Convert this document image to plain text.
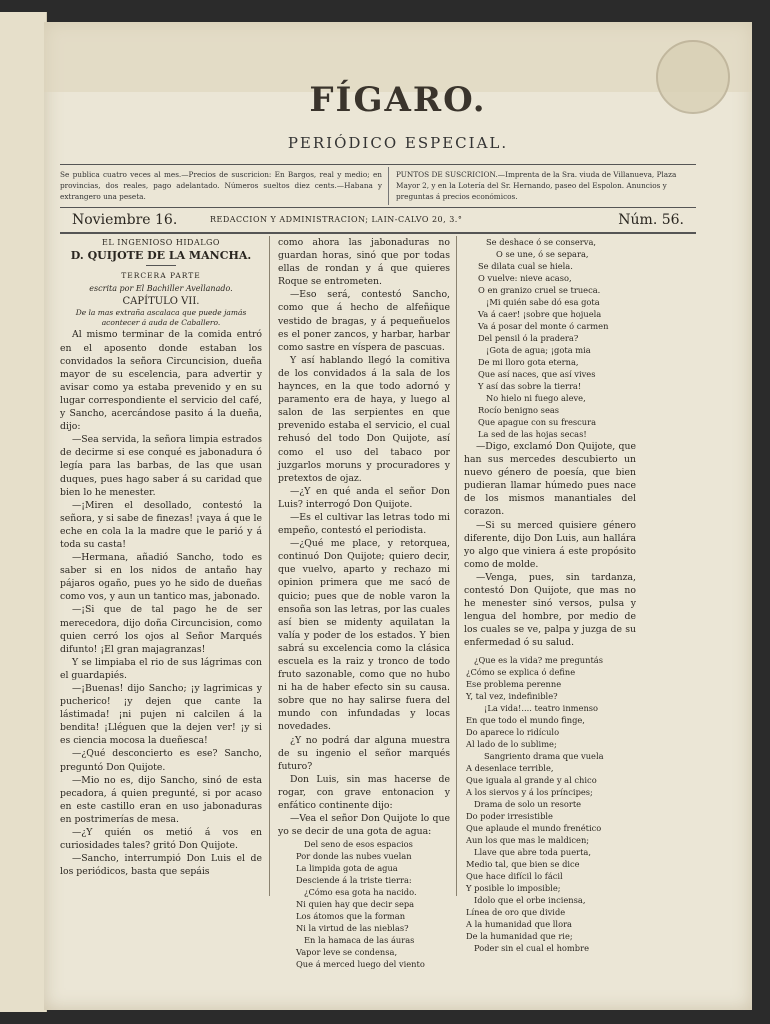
FÍGARO.
PERIÓDICO ESPECIAL.
Se publica cuatro veces al mes.—Precios de suscricion: En Bargos, real y medio; en provincias, dos reales, pago adelantado. Números sueltos diez cents.—Habana y extrangero una peseta.
PUNTOS DE SUSCRICION.—Imprenta de la Sra. viuda de Villanueva, Plaza Mayor 2, y en la Lotería del Sr. Hernando, paseo del Espolon. Anuncios y preguntas á precios económicos.
Noviembre 16.	REDACCION Y ADMINISTRACION; LAIN-CALVO 20, 3.°	Núm. 56.

EL INGENIOSO HIDALGO

D. QUIJOTE DE LA MANCHA.

TERCERA PARTE

escrita por El Bachiller Avellanado.

CAPÍTULO VII.

De la mas extraña ascalaca que puede jamás acontecer á auda de Caballero.

Al mismo terminar de la comida entró en el aposento donde estaban los convidados la señora Circuncision, dueña mayor de su escelencia, para advertir y avisar como ya estaba prevenido y en su lugar correspondiente el servicio del café, y Sancho, acercándose pasito á la dueña, dijo:

—Sea servida, la señora limpia estrados de decirme si ese conqué es jabonadura ó legía para las barbas, de las que usan duques, pues hago saber á su caridad que bien lo he menester.

—¡Miren el desollado, contestó la señora, y si sabe de finezas! ¡vaya á que le eche en cola la la madre que le parió y á toda su casta!

—Hermana, añadió Sancho, todo es saber si en los nidos de antaño hay pájaros ogaño, pues yo he sido de dueñas como vos, y aun un tantico mas, jabonado.

—¡Si que de tal pago he de ser merecedora, dijo doña Circuncision, como quien cerró los ojos al Señor Marqués difunto! ¡El gran majagranzas!

Y se limpiaba el rio de sus lágrimas con el guardapiés.

—¡Buenas! dijo Sancho; ¡y lagrimicas y pucherico! ¡y dejen que cante la lástimada! ¡ni pujen ni calcilen á la bendita! ¡Lléguen que la dejen ver! ¡y si es ciencia mocosa la dueñesca!

—¿Qué desconcierto es ese? Sancho, preguntó Don Quijote.

—Mio no es, dijo Sancho, sinó de esta pecadora, á quien pregunté, si por acaso en este castillo eran en uso jabonaduras en postrimerías de mesa.

—¿Y quién os metió á vos en curiosidades tales? gritó Don Quijote.

—Sancho, interrumpió Don Luis el de los periódicos, basta que sepáis

como ahora las jabonaduras no guardan horas, sinó que por todas ellas de rondan y á que quieres Roque se entrometen.

—Eso será, contestó Sancho, como que á hecho de alfeñique vestido de bragas, y á pequeñuelos es el poner zancos, y harbar, harbar como sastre en víspera de pascuas.

Y así hablando llegó la comitiva de los convidados á la sala de los haynces, en la que todo adornó y paramento era de haya, y luego al salon de las serpientes en que prevenido estaba el servicio, el cual rehusó del todo Don Quijote, así como el uso del tabaco por juzgarlos moruns y procuradores y pretextos de ojaz.

—¿Y en qué anda el señor Don Luis? interrogó Don Quijote.

—Es el cultivar las letras todo mi empeño, contestó el periodista.

—¿Qué me place, y retorquea, continuó Don Quijote; quiero decir, que vuelvo, aparto y rechazo mi opinion primera que me sacó de quicio; pues que de noble varon la ensoña son las letras, por las cuales así bien se midenty aquilatan la valía y poder de los estados. Y bien sabrá su excelencia como la clásica escuela es la raiz y tronco de todo fruto sazonable, como que no hubo ni ha de haber efecto sin su causa. sobre que no hay salirse fuera del mundo con infundadas y locas novedades.

¿Y no podrá dar alguna muestra de su ingenio el señor marqués futuro?

Don Luis, sin mas hacerse de rogar, con grave entonacion y enfático continente dijo:

—Vea el señor Don Quijote lo que yo se decir de una gota de agua:

Del seno de esos espacios

Por donde las nubes vuelan

La limpida gota de agua

Desciende á la triste tierra:

¿Cómo esa gota ha nacido.

Ni quien hay que decir sepa

Los átomos que la forman

Ni la virtud de las nieblas?

En la hamaca de las áuras

Vapor leve se condensa,

Que á merced luego del viento

Se deshace ó se conserva,

O se une, ó se separa,

Se dilata cual se hiela.

O vuelve: nieve acaso,

O en granizo cruel se trueca.

¡Mi quién sabe dó esa gota

Va á caer! ¡sobre que hojuela

Va á posar del monte ó carmen

Del pensil ó la pradera?

¡Gota de agua; ¡gota mia

De mi lloro gota eterna,

Que así naces, que así vives

Y así das sobre la tierra!

No hielo ni fuego aleve,

Rocío benigno seas

Que apague con su frescura

La sed de las hojas secas!

—Digo, exclamó Don Quijote, que han sus mercedes descubierto un nuevo género de poesía, que bien pudieran llamar húmedo pues nace de los mismos manantiales del corazon.

—Si su merced quisiere género diferente, dijo Don Luis, aun hallára yo algo que viniera á este propósito como de molde.

—Venga, pues, sin tardanza, contestó Don Quijote, que mas no he menester sinó versos, pulsa y lengua del hombre, por medio de los cuales se ve, palpa y juzga de su enfermedad ó su salud.

¿Que es la vida? me preguntás

¿Cómo se explica ó define

Ese problema perenne

Y, tal vez, indefinible?

¡La vida!.... teatro inmenso

En que todo el mundo finge,

Do aparece lo ridículo

Al lado de lo sublime;

Sangriento drama que vuela

A desenlace terrible,

Que iguala al grande y al chico

A los siervos y á los príncipes;

Drama de solo un resorte

Do poder irresistible

Que aplaude el mundo frenético

Aun los que mas le maldicen;

Llave que abre toda puerta,

Medio tal, que bien se dice

Que hace difícil lo fácil

Y posible lo imposible;

Idolo que el orbe inciensa,

Línea de oro que divide

A la humanidad que llora

De la humanidad que rie;

Poder sin el cual el hombre
